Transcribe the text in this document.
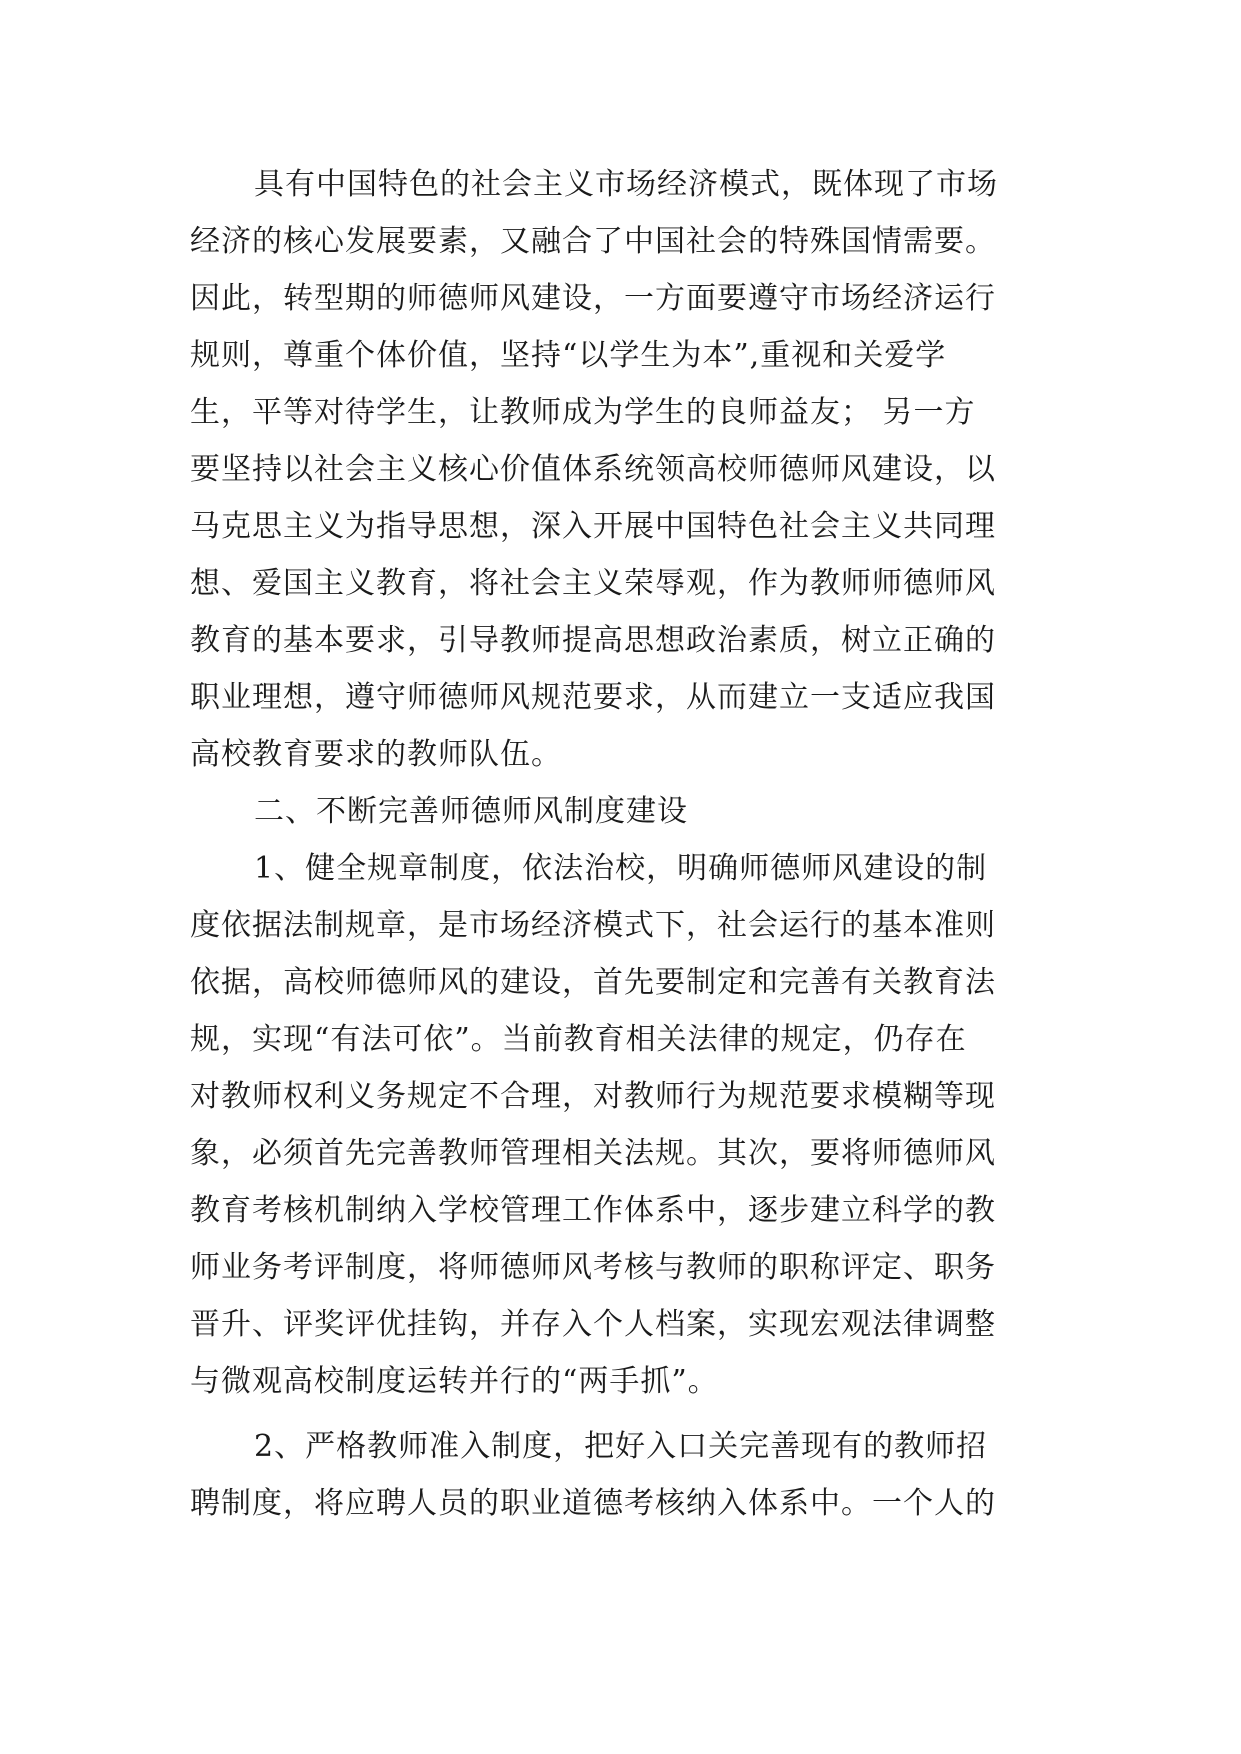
具有中国特色的社会主义市场经济模式，既体现了市场
经济的核心发展要素，又融合了中国社会的特殊国情需要。
因此，转型期的师德师风建设，一方面要遵守市场经济运行
规则，尊重个体价值，坚持“以学生为本”,重视和关爱学
生，平等对待学生，让教师成为学生的良师益友； 另一方
要坚持以社会主义核心价值体系统领高校师德师风建设，以
马克思主义为指导思想，深入开展中国特色社会主义共同理
想、爱国主义教育，将社会主义荣辱观，作为教师师德师风
教育的基本要求，引导教师提高思想政治素质，树立正确的
职业理想，遵守师德师风规范要求，从而建立一支适应我国
高校教育要求的教师队伍。
二、不断完善师德师风制度建设
1、健全规章制度，依法治校，明确师德师风建设的制
度依据法制规章，是市场经济模式下，社会运行的基本准则
依据，高校师德师风的建设，首先要制定和完善有关教育法
规，实现“有法可依”。当前教育相关法律的规定，仍存在
对教师权利义务规定不合理，对教师行为规范要求模糊等现
象，必须首先完善教师管理相关法规。其次，要将师德师风
教育考核机制纳入学校管理工作体系中，逐步建立科学的教
师业务考评制度，将师德师风考核与教师的职称评定、职务
晋升、评奖评优挂钩，并存入个人档案，实现宏观法律调整
与微观高校制度运转并行的“两手抓”。
2、严格教师准入制度，把好入口关完善现有的教师招
聘制度，将应聘人员的职业道德考核纳入体系中。一个人的
